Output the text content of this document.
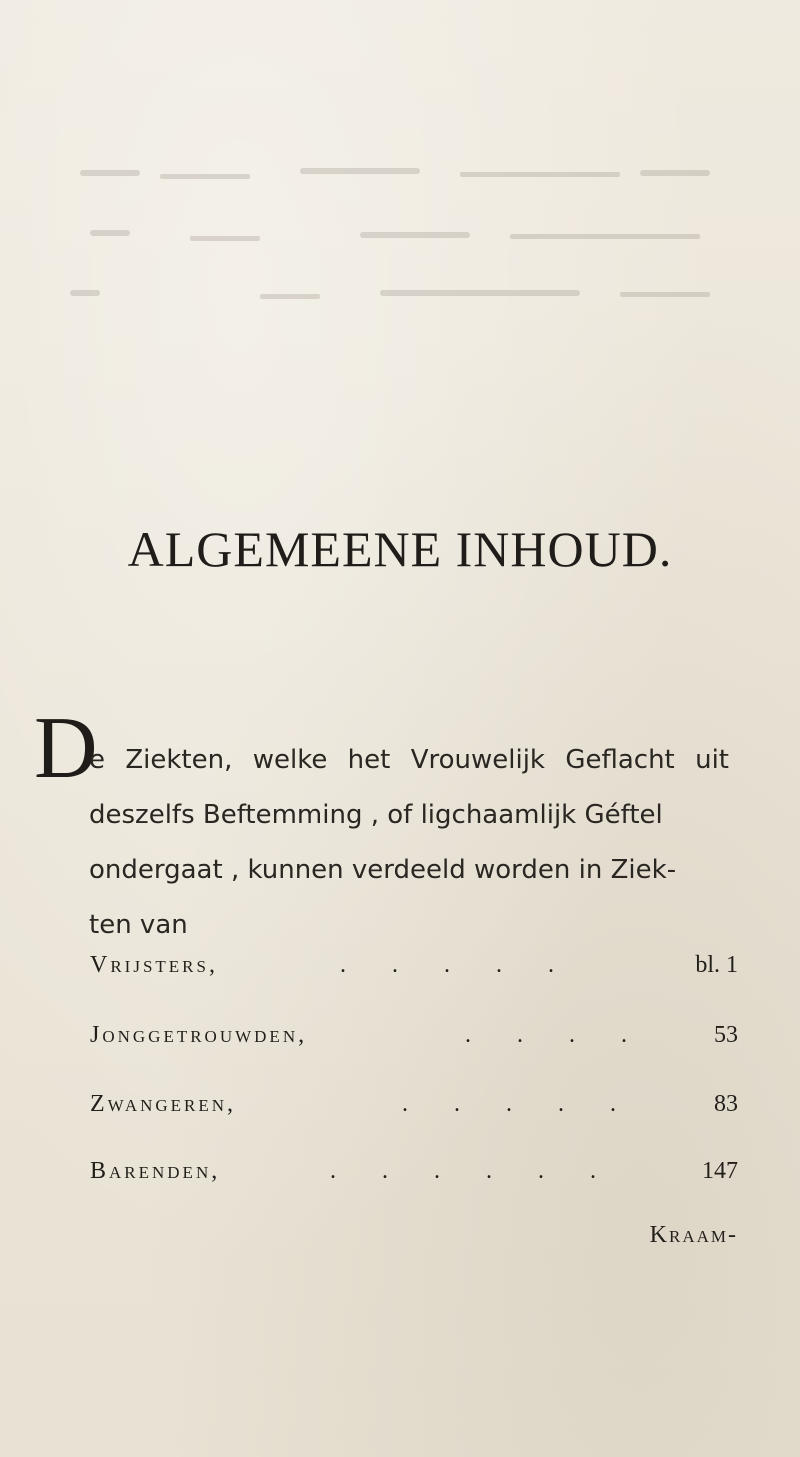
ALGEMEENE INHOUD.
D
e Ziekten, welke het Vrouwelijk Geflacht uit
deszelfs Beftemming , of ligchaamlijk Géftel
ondergaat , kunnen verdeeld worden in Ziek-
ten van
Vrijsters,	. . . . .	bl. 1
Jonggetrouwden,	. . . .	53
Zwangeren,	. . . . .	83
Barenden,	. . . . . .	147
Kraam-
